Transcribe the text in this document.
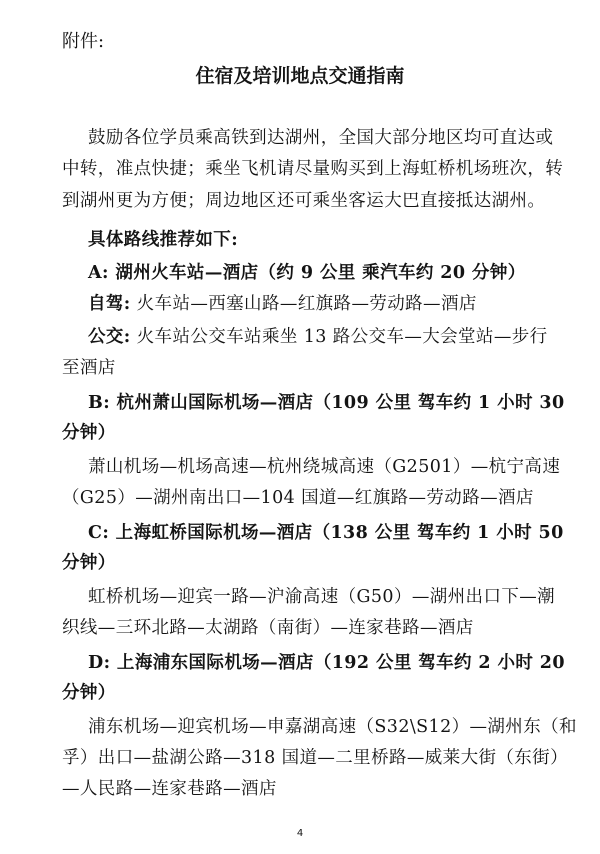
附件:
住宿及培训地点交通指南
鼓励各位学员乘高铁到达湖州，全国大部分地区均可直达或
中转，准点快捷；乘坐飞机请尽量购买到上海虹桥机场班次，转
到湖州更为方便；周边地区还可乘坐客运大巴直接抵达湖州。
具体路线推荐如下:
A: 湖州火车站—酒店（约 9 公里 乘汽车约 20 分钟）
自驾: 火车站—西塞山路—红旗路—劳动路—酒店
公交: 火车站公交车站乘坐 13 路公交车—大会堂站—步行
至酒店
B: 杭州萧山国际机场—酒店（109 公里 驾车约 1 小时 30
分钟）
萧山机场—机场高速—杭州绕城高速（G2501）—杭宁高速
（G25）—湖州南出口—104 国道—红旗路—劳动路—酒店
C: 上海虹桥国际机场—酒店（138 公里 驾车约 1 小时 50
分钟）
虹桥机场—迎宾一路—沪渝高速（G50）—湖州出口下—潮
织线—三环北路—太湖路（南街）—连家巷路—酒店
D: 上海浦东国际机场—酒店（192 公里 驾车约 2 小时 20
分钟）
浦东机场—迎宾机场—申嘉湖高速（S32\S12）—湖州东（和
孚）出口—盐湖公路—318 国道—二里桥路—威莱大街（东街）
—人民路—连家巷路—酒店
4
